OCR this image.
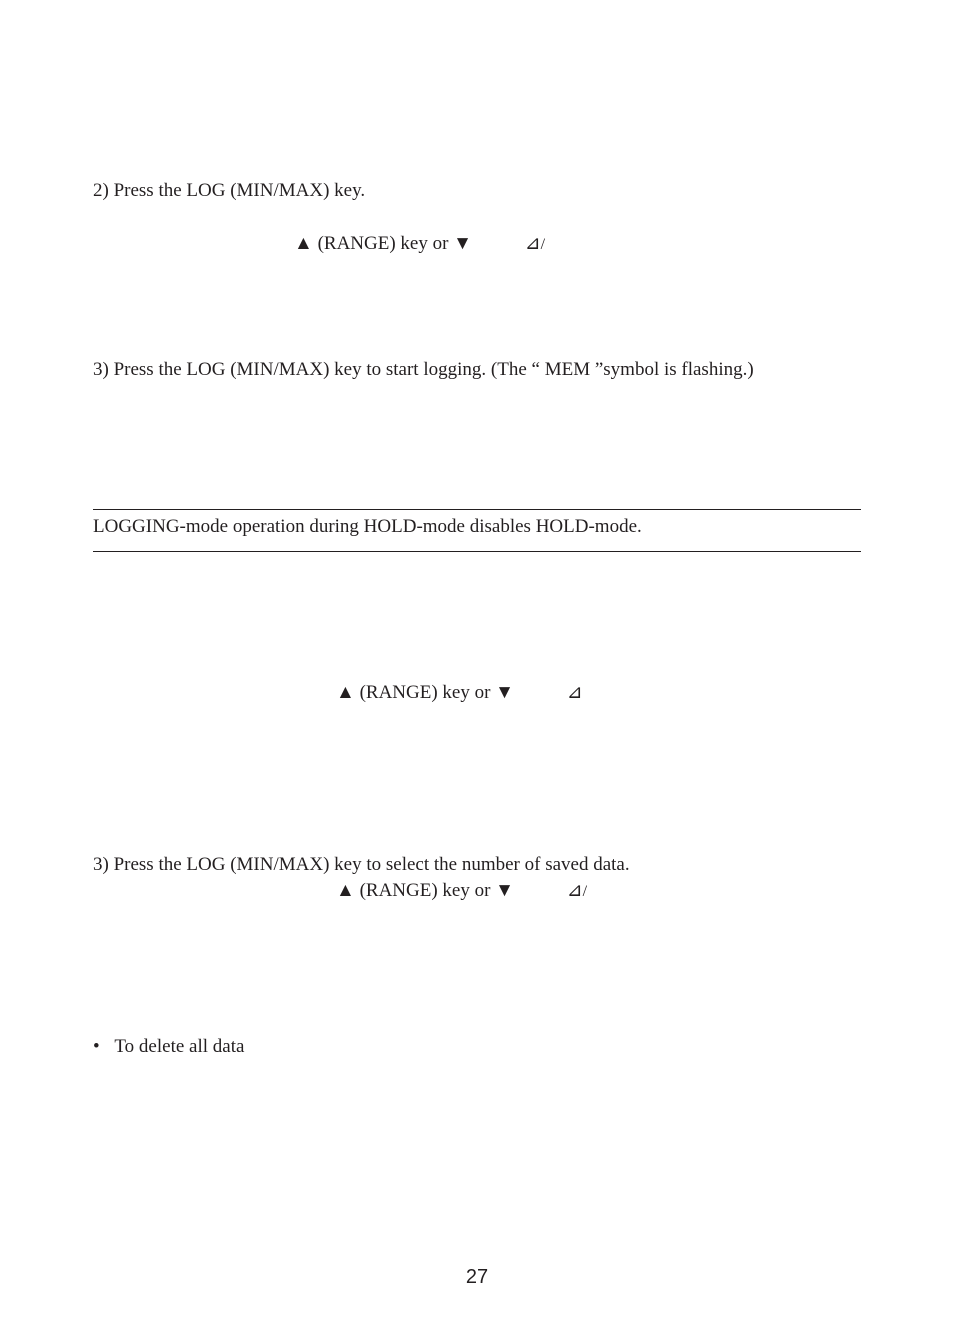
2) Press the LOG (MIN/MAX) key.
▲ (RANGE) key or ▼	⊿/
3) Press the LOG (MIN/MAX) key to start logging. (The “ MEM ”symbol is flashing.)
LOGGING-mode operation during HOLD-mode disables HOLD-mode.
▲ (RANGE) key or ▼	⊿
3) Press the LOG (MIN/MAX) key to select the number of saved data.
▲ (RANGE) key or ▼	⊿/
• To delete all data
27
